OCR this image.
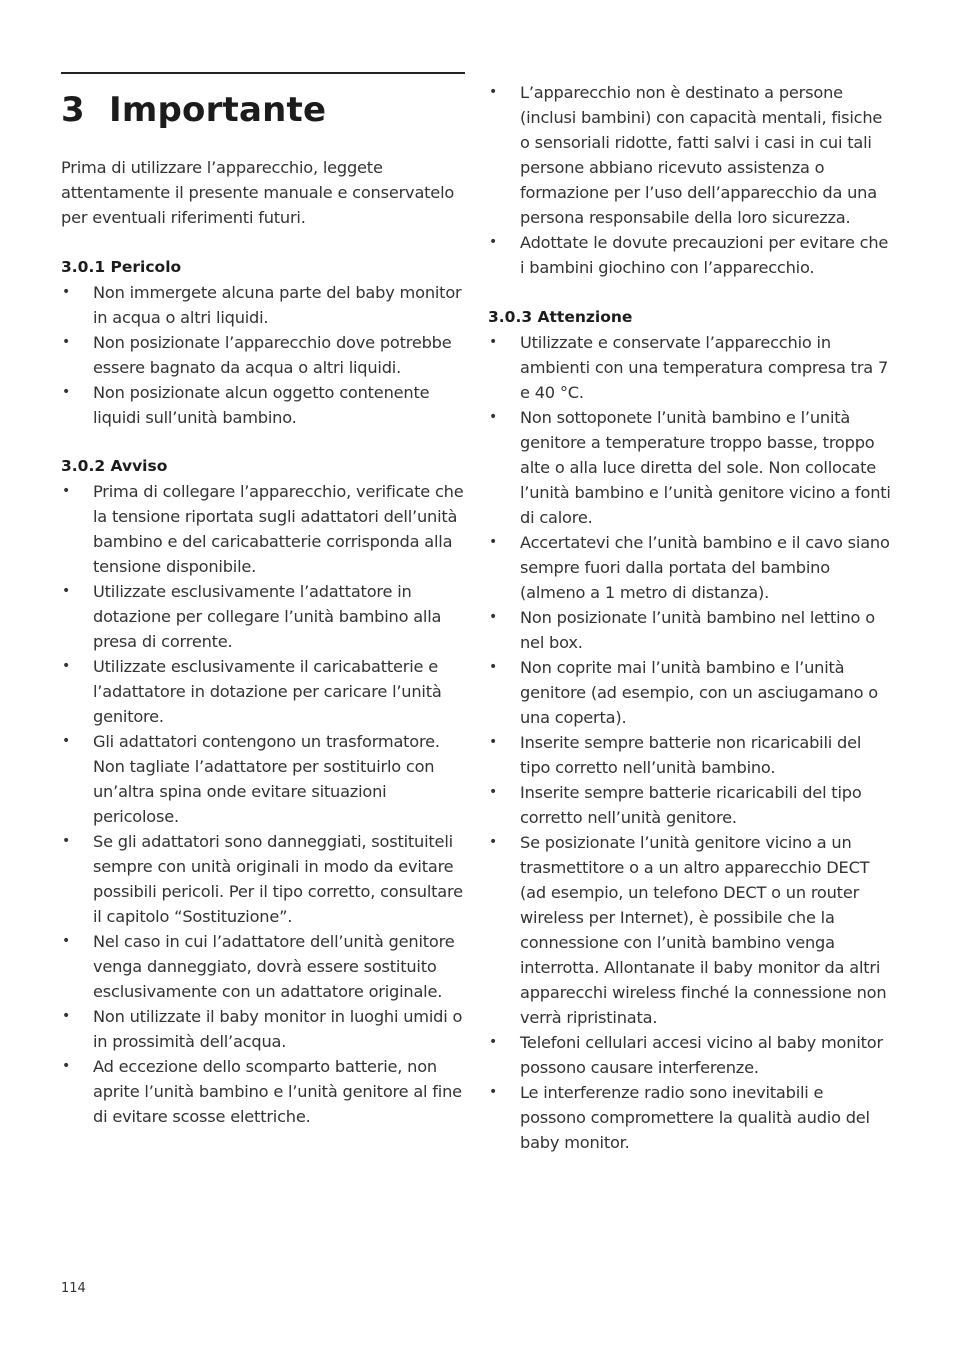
3 Importante

Prima di utilizzare l’apparecchio, leggete attentamente il presente manuale e conservatelo per eventuali riferimenti futuri.

3.0.1 Pericolo
•	Non immergete alcuna parte del baby monitor in acqua o altri liquidi.
•	Non posizionate l’apparecchio dove potrebbe essere bagnato da acqua o altri liquidi.
•	Non posizionate alcun oggetto contenente liquidi sull’unità bambino.
3.0.2 Avviso
•	Prima di collegare l’apparecchio, verificate che la tensione riportata sugli adattatori dell’unità bambino e del caricabatterie corrisponda alla tensione disponibile.
•	Utilizzate esclusivamente l’adattatore in dotazione per collegare l’unità bambino alla presa di corrente.
•	Utilizzate esclusivamente il caricabatterie e l’adattatore in dotazione per caricare l’unità genitore.
•	Gli adattatori contengono un trasformatore. Non tagliate l’adattatore per sostituirlo con un’altra spina onde evitare situazioni pericolose.
•	Se gli adattatori sono danneggiati, sostituiteli sempre con unità originali in modo da evitare possibili pericoli. Per il tipo corretto, consultare il capitolo “Sostituzione”.
•	Nel caso in cui l’adattatore dell’unità genitore venga danneggiato, dovrà essere sostituito esclusivamente con un adattatore originale.
•	Non utilizzate il baby monitor in luoghi umidi o in prossimità dell’acqua.
•	Ad eccezione dello scomparto batterie, non aprite l’unità bambino e l’unità genitore al fine di evitare scosse elettriche.
114
•	L’apparecchio non è destinato a persone (inclusi bambini) con capacità mentali, fisiche o sensoriali ridotte, fatti salvi i casi in cui tali persone abbiano ricevuto assistenza o formazione per l’uso dell’apparecchio da una persona responsabile della loro sicurezza.
•	Adottate le dovute precauzioni per evitare che i bambini giochino con l’apparecchio.
3.0.3 Attenzione
•	Utilizzate e conservate l’apparecchio in ambienti con una temperatura compresa tra 7 e 40 °C.
•	Non sottoponete l’unità bambino e l’unità genitore a temperature troppo basse, troppo alte o alla luce diretta del sole. Non collocate l’unità bambino e l’unità genitore vicino a fonti di calore.
•	Accertatevi che l’unità bambino e il cavo siano sempre fuori dalla portata del bambino (almeno a 1 metro di distanza).
•	Non posizionate l’unità bambino nel lettino o nel box.
•	Non coprite mai l’unità bambino e l’unità genitore (ad esempio, con un asciugamano o una coperta).
•	Inserite sempre batterie non ricaricabili del tipo corretto nell’unità bambino.
•	Inserite sempre batterie ricaricabili del tipo corretto nell’unità genitore.
•	Se posizionate l’unità genitore vicino a un trasmettitore o a un altro apparecchio DECT (ad esempio, un telefono DECT o un router wireless per Internet), è possibile che la connessione con l’unità bambino venga interrotta. Allontanate il baby monitor da altri apparecchi wireless finché la connessione non verrà ripristinata.
•	Telefoni cellulari accesi vicino al baby monitor possono causare interferenze.
•	Le interferenze radio sono inevitabili e possono compromettere la qualità audio del baby monitor.
